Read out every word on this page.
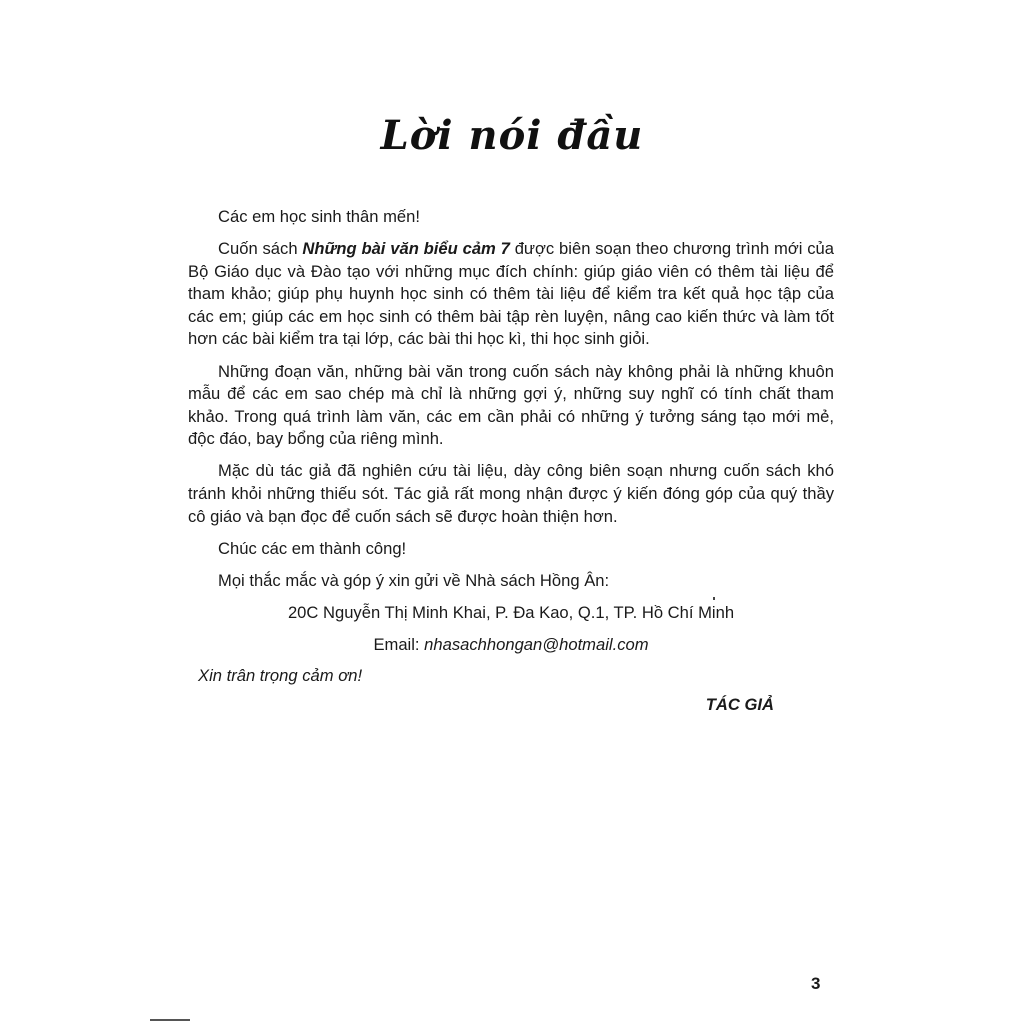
Lời nói đầu

Các em học sinh thân mến!

Cuốn sách Những bài văn biểu cảm 7 được biên soạn theo chương trình mới của Bộ Giáo dục và Đào tạo với những mục đích chính: giúp giáo viên có thêm tài liệu để tham khảo; giúp phụ huynh học sinh có thêm tài liệu để kiểm tra kết quả học tập của các em; giúp các em học sinh có thêm bài tập rèn luyện, nâng cao kiến thức và làm tốt hơn các bài kiểm tra tại lớp, các bài thi học kì, thi học sinh giỏi.

Những đoạn văn, những bài văn trong cuốn sách này không phải là những khuôn mẫu để các em sao chép mà chỉ là những gợi ý, những suy nghĩ có tính chất tham khảo. Trong quá trình làm văn, các em cần phải có những ý tưởng sáng tạo mới mẻ, độc đáo, bay bổng của riêng mình.

Mặc dù tác giả đã nghiên cứu tài liệu, dày công biên soạn nhưng cuốn sách khó tránh khỏi những thiếu sót. Tác giả rất mong nhận được ý kiến đóng góp của quý thầy cô giáo và bạn đọc để cuốn sách sẽ được hoàn thiện hơn.

Chúc các em thành công!

Mọi thắc mắc và góp ý xin gửi về Nhà sách Hồng Ân:

20C Nguyễn Thị Minh Khai, P. Đa Kao, Q.1, TP. Hồ Chí Minh

Email: nhasachhongan@hotmail.com

Xin trân trọng cảm ơn!

TÁC GIẢ

3
